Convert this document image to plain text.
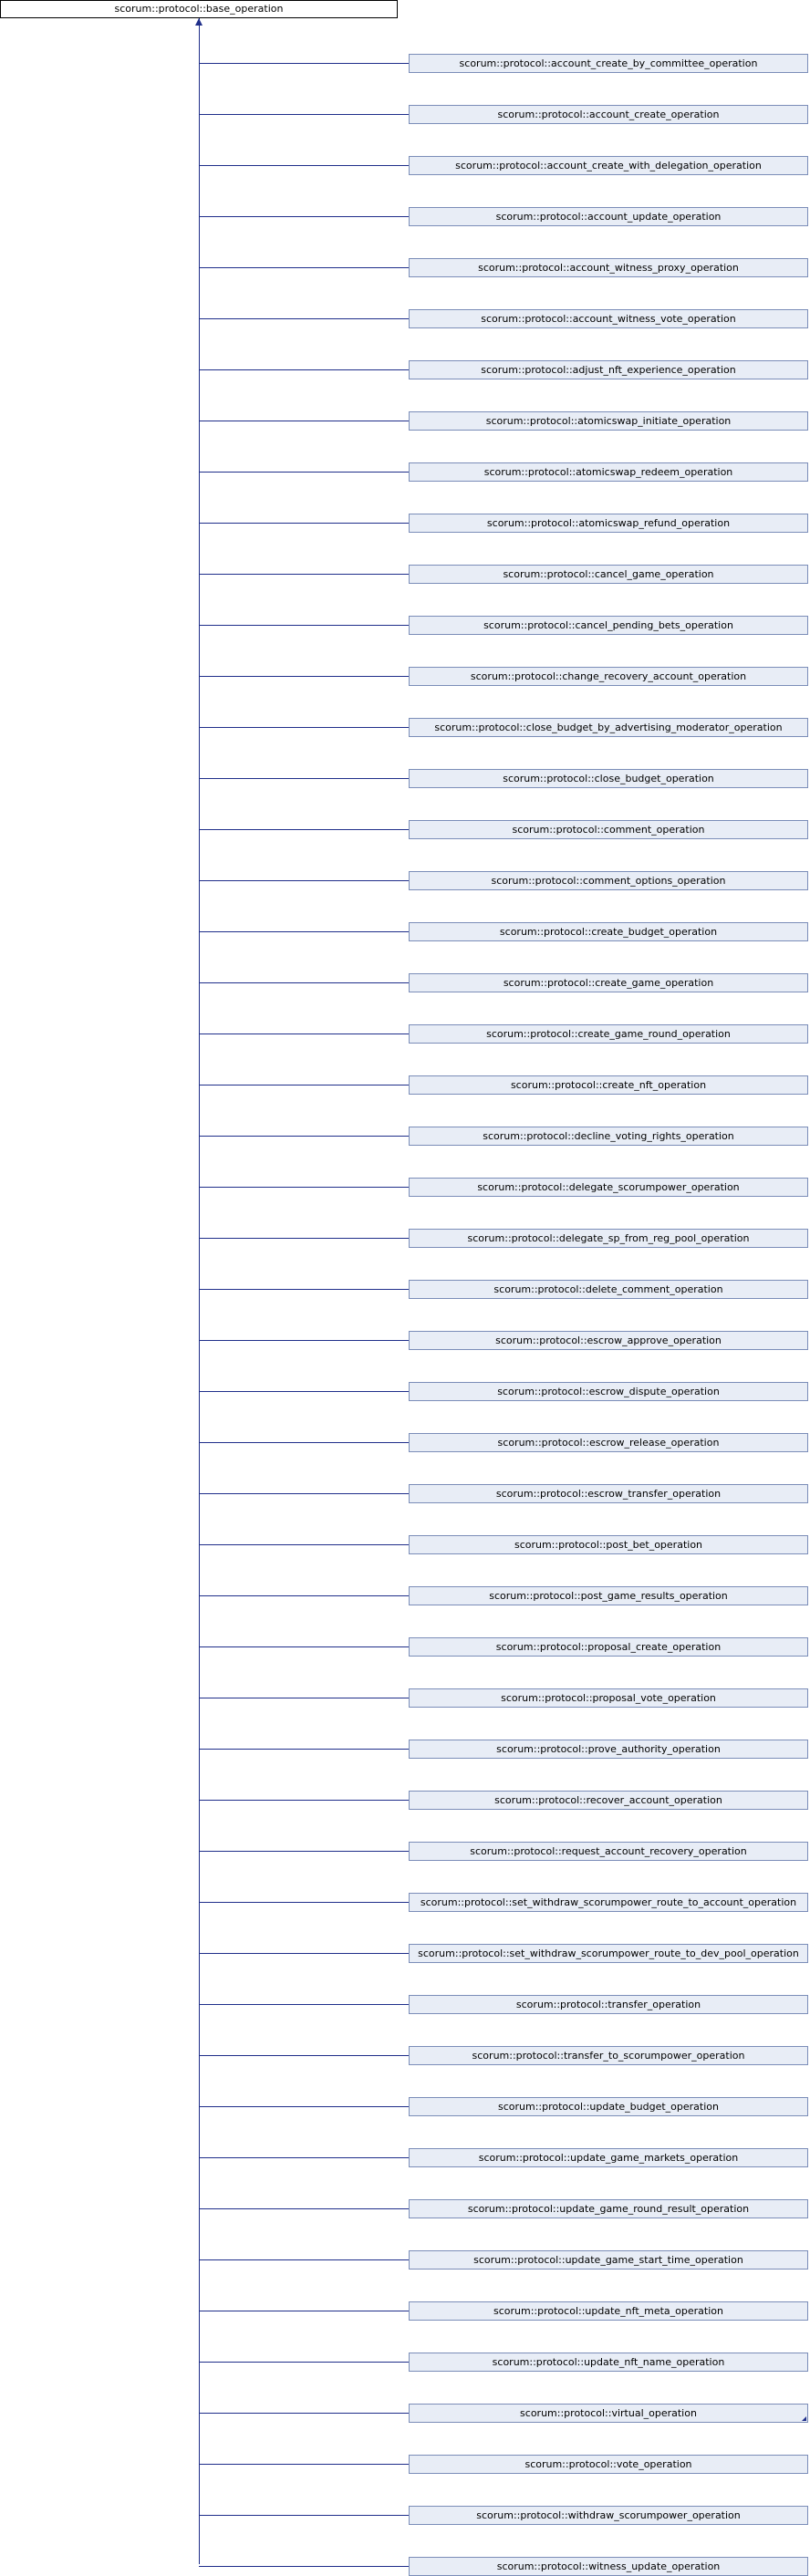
scorum::protocol::base_operation
scorum::protocol::account_create_by_committee_operation
scorum::protocol::account_create_operation
scorum::protocol::account_create_with_delegation_operation
scorum::protocol::account_update_operation
scorum::protocol::account_witness_proxy_operation
scorum::protocol::account_witness_vote_operation
scorum::protocol::adjust_nft_experience_operation
scorum::protocol::atomicswap_initiate_operation
scorum::protocol::atomicswap_redeem_operation
scorum::protocol::atomicswap_refund_operation
scorum::protocol::cancel_game_operation
scorum::protocol::cancel_pending_bets_operation
scorum::protocol::change_recovery_account_operation
scorum::protocol::close_budget_by_advertising_moderator_operation
scorum::protocol::close_budget_operation
scorum::protocol::comment_operation
scorum::protocol::comment_options_operation
scorum::protocol::create_budget_operation
scorum::protocol::create_game_operation
scorum::protocol::create_game_round_operation
scorum::protocol::create_nft_operation
scorum::protocol::decline_voting_rights_operation
scorum::protocol::delegate_scorumpower_operation
scorum::protocol::delegate_sp_from_reg_pool_operation
scorum::protocol::delete_comment_operation
scorum::protocol::escrow_approve_operation
scorum::protocol::escrow_dispute_operation
scorum::protocol::escrow_release_operation
scorum::protocol::escrow_transfer_operation
scorum::protocol::post_bet_operation
scorum::protocol::post_game_results_operation
scorum::protocol::proposal_create_operation
scorum::protocol::proposal_vote_operation
scorum::protocol::prove_authority_operation
scorum::protocol::recover_account_operation
scorum::protocol::request_account_recovery_operation
scorum::protocol::set_withdraw_scorumpower_route_to_account_operation
scorum::protocol::set_withdraw_scorumpower_route_to_dev_pool_operation
scorum::protocol::transfer_operation
scorum::protocol::transfer_to_scorumpower_operation
scorum::protocol::update_budget_operation
scorum::protocol::update_game_markets_operation
scorum::protocol::update_game_round_result_operation
scorum::protocol::update_game_start_time_operation
scorum::protocol::update_nft_meta_operation
scorum::protocol::update_nft_name_operation
scorum::protocol::virtual_operation
scorum::protocol::vote_operation
scorum::protocol::withdraw_scorumpower_operation
scorum::protocol::witness_update_operation
